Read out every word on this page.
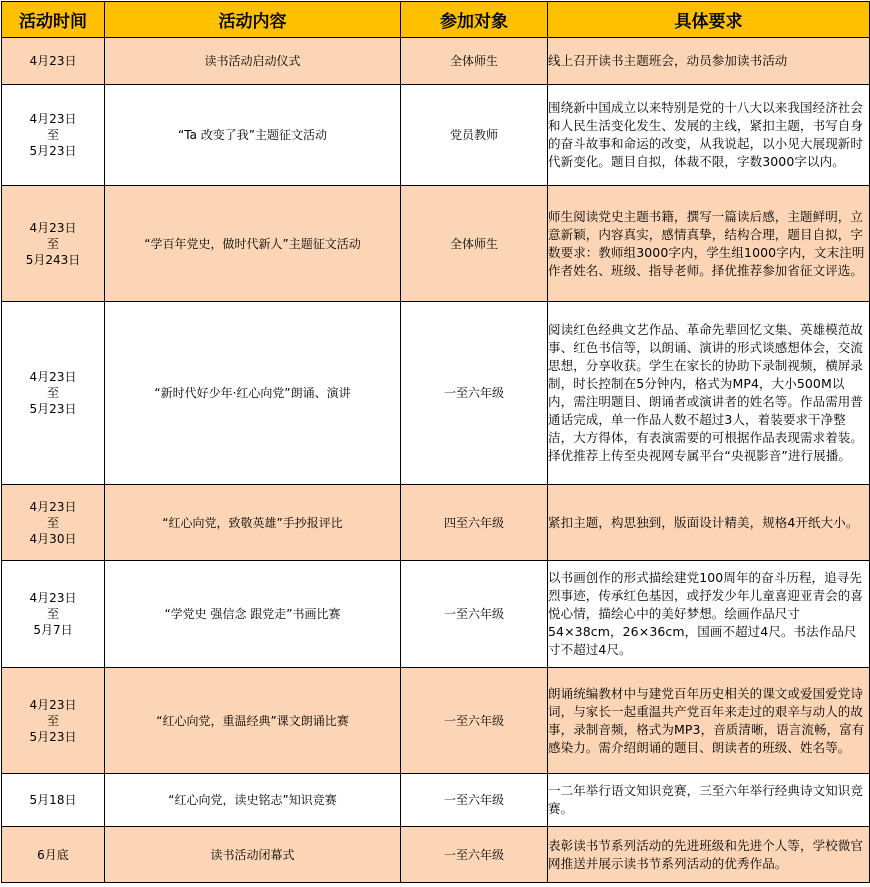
活动时间	活动内容	参加对象	具体要求

4月23日	读书活动启动仪式	全体师生	线上召开读书主题班会，动员参加读书活动

4月23日
至
5月23日	“Ta 改变了我”主题征文活动	党员教师	围绕新中国成立以来特别是党的十八大以来我国经济社会和人民生活变化发生、发展的主线，紧扣主题，书写自身的奋斗故事和命运的改变，从我说起，以小见大展现新时代新变化。题目自拟，体裁不限，字数3000字以内。

4月23日
至
5月243日	“学百年党史，做时代新人”主题征文活动	全体师生	师生阅读党史主题书籍，撰写一篇读后感，主题鲜明，立意新颖，内容真实，感情真挚，结构合理，题目自拟，字数要求：教师组3000字内，学生组1000字内，文末注明作者姓名、班级、指导老师。择优推荐参加省征文评选。

4月23日
至
5月23日	“新时代好少年·红心向党”朗诵、演讲	一至六年级	阅读红色经典文艺作品、革命先辈回忆文集、英雄模范故事、红色书信等，以朗诵、演讲的形式谈感想体会，交流思想，分享收获。学生在家长的协助下录制视频，横屏录制，时长控制在5分钟内，格式为MP4，大小500M以内，需注明题目、朗诵者或演讲者的姓名等。作品需用普通话完成，单一作品人数不超过3人，着装要求干净整洁，大方得体，有表演需要的可根据作品表现需求着装。择优推荐上传至央视网专属平台“央视影音”进行展播。

4月23日
至
4月30日	“红心向党，致敬英雄”手抄报评比	四至六年级	紧扣主题，构思独到，版面设计精美，规格4开纸大小。

4月23日
至
5月7日	“学党史 强信念 跟党走”书画比赛	一至六年级	以书画创作的形式描绘建党100周年的奋斗历程，追寻先烈事迹，传承红色基因，或抒发少年儿童喜迎亚青会的喜悦心情，描绘心中的美好梦想。绘画作品尺寸54×38cm，26×36cm，国画不超过4尺。书法作品尺寸不超过4尺。

4月23日
至
5月23日	“红心向党，重温经典”课文朗诵比赛	一至六年级	朗诵统编教材中与建党百年历史相关的课文或爱国爱党诗词，与家长一起重温共产党百年来走过的艰辛与动人的故事，录制音频，格式为MP3，音质清晰，语言流畅，富有感染力。需介绍朗诵的题目、朗读者的班级、姓名等。

5月18日	“红心向党，读史铭志”知识竞赛	一至六年级	一二年举行语文知识竞赛，三至六年举行经典诗文知识竞赛。

6月底	读书活动闭幕式	一至六年级	表彰读书节系列活动的先进班级和先进个人等，学校微官网推送并展示读书节系列活动的优秀作品。
